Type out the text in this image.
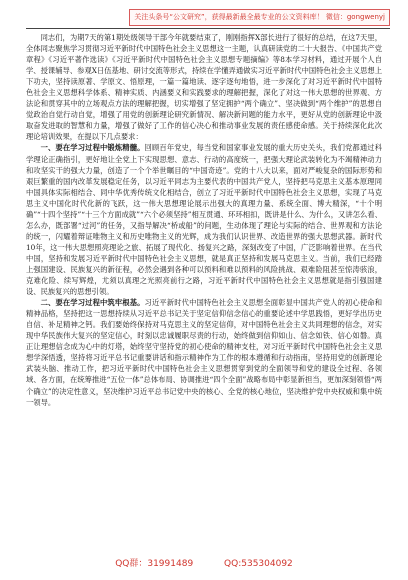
关注头条号“公文研究”，获得最新最全最专业的公文资料库！ 微信：gongwenyj

同志们，为期7天的第1期处级领导干部今年就要结束了，刚刚指挥X部长进行了很好的总结，在这7天里，全体同志聚焦学习贯彻习近平新时代中国特色社会主义思想这一主题，认真研读党的二十大报告、《中国共产党章程》《习近平著作选读》《习近平新时代中国特色社会主义思想专题摘编》等8本学习材料，通过开展个人自学、授课辅导、参观X日伍基地、研讨交流等形式，持续在学懂弄通做实习近平新时代中国特色社会主义思想上下功夫，坚持读原著、学原文、悟原理，一篇一篇地读、逐字逐句地悟，进一步深化了对习近平新时代中国特色社会主义思想科学体系、精神实质、内涵要义和实践要求的理解把握，深化了对这一伟大思想的世界观、方法论和贯穿其中的立场观点方法的理解把握，切实增强了坚定拥护“两个确立”、坚决做到“两个维护”的思想自觉政治自觉行动自觉，增强了用党的创新理论研究新情况、解决新问题的能力水平，更好从党的创新理论中汲取奋发进取的智慧和力量，增强了做好了工作的信心决心和推动事业发展的责任感使命感。关于持续深化此次理论培训效果，在提以下几点要求：

一、要在学习过程中锻炼精髓。回顾百年党史，每当党和国家事业发展的重大历史关头，我们党都通过科学理论正确指引，更好地让全党上下实现思想、意志、行动的高度统一，把强大理论武装转化为不竭精神动力和攻坚实干的强大力量，创造了一个个举世瞩目的“中国奇迹”。党的十八大以来，面对严峻复杂的国际形势和艰巨繁重的国内改革发展稳定任务，以习近平同志为主要代表的中国共产党人，坚持把马克思主义基本原理同中国具体实际相结合、同中华优秀传统文化相结合，创立了习近平新时代中国特色社会主义思想，实现了马克思主义中国化时代化新的飞跃，这一伟大思想理论展示出强大的真理力量、系统全面、博大精深，“十个明确”“十四个坚持”“十三个方面成就”“六个必须坚持”相互贯通、环环相扣，既讲是什么、为什么，又讲怎么看、怎么办，既部署“过河”的任务，又指导解决“桥或船”的问题，生动体现了理论与实际的结合、世界观和方法论的统一，闪耀着辩证唯物主义和历史唯物主义的光辉，成为我们认识世界、改造世界的强大思想武器。新时代10年，这一伟大思想照亮理论之旅、拓展了现代化、扬复兴之路，深刻改变了中国，广泛影响着世界。在当代中国，坚持和发展习近平新时代中国特色社会主义思想，就是真正坚持和发展马克思主义。当前，我们已经踏上强国建设、民族复兴的新征程，必然会遇到各种可以预料和难以预料的风险挑战、艰难险阻甚至惊涛骇浪，克难化险、续写辉煌，尤须以真理之光照亮前行之路，习近平新时代中国特色社会主义思想就是指引强国建设、民族复兴的思想引领。

二、要在学习过程中筑牢根基。习近平新时代中国特色社会主义思想全面彰显中国共产党人的初心使命和精神品格，坚持把这一思想持续从习近平总书记关于坚定信仰信念信心的重要论述中学思践悟，更好学出历史自信、补足精神之钙。我们要始终保持对马克思主义的坚定信仰，对中国特色社会主义共同理想的信念，对实现中华民族伟大复兴的坚定信心，时刻以忠诚履职尽责的行动，始终做到信仰如山、信念如铁、信心如磐。真正让理想信念成为心中的灯塔，始终坚守坚持党的初心使命的精神支柱，对习近平新时代中国特色社会主义思想学深悟透，坚持将习近平总书记重要讲话和指示精神作为工作的根本遵循和行动指南，坚持用党的创新理论武装头脑、推动工作，把习近平新时代中国特色社会主义思想贯穿到党的全面领导和党的建设全过程、各领域、各方面，在统筹推进“五位一体”总体布局、协调推进“四个全面”战略布局中彰显新担当，更加深刻领悟“两个确立”的决定性意义，坚决维护习近平总书记党中央的核心、全党的核心地位，坚决维护党中央权威和集中统一领导。

QQ群：31991489	QQ:535304092
